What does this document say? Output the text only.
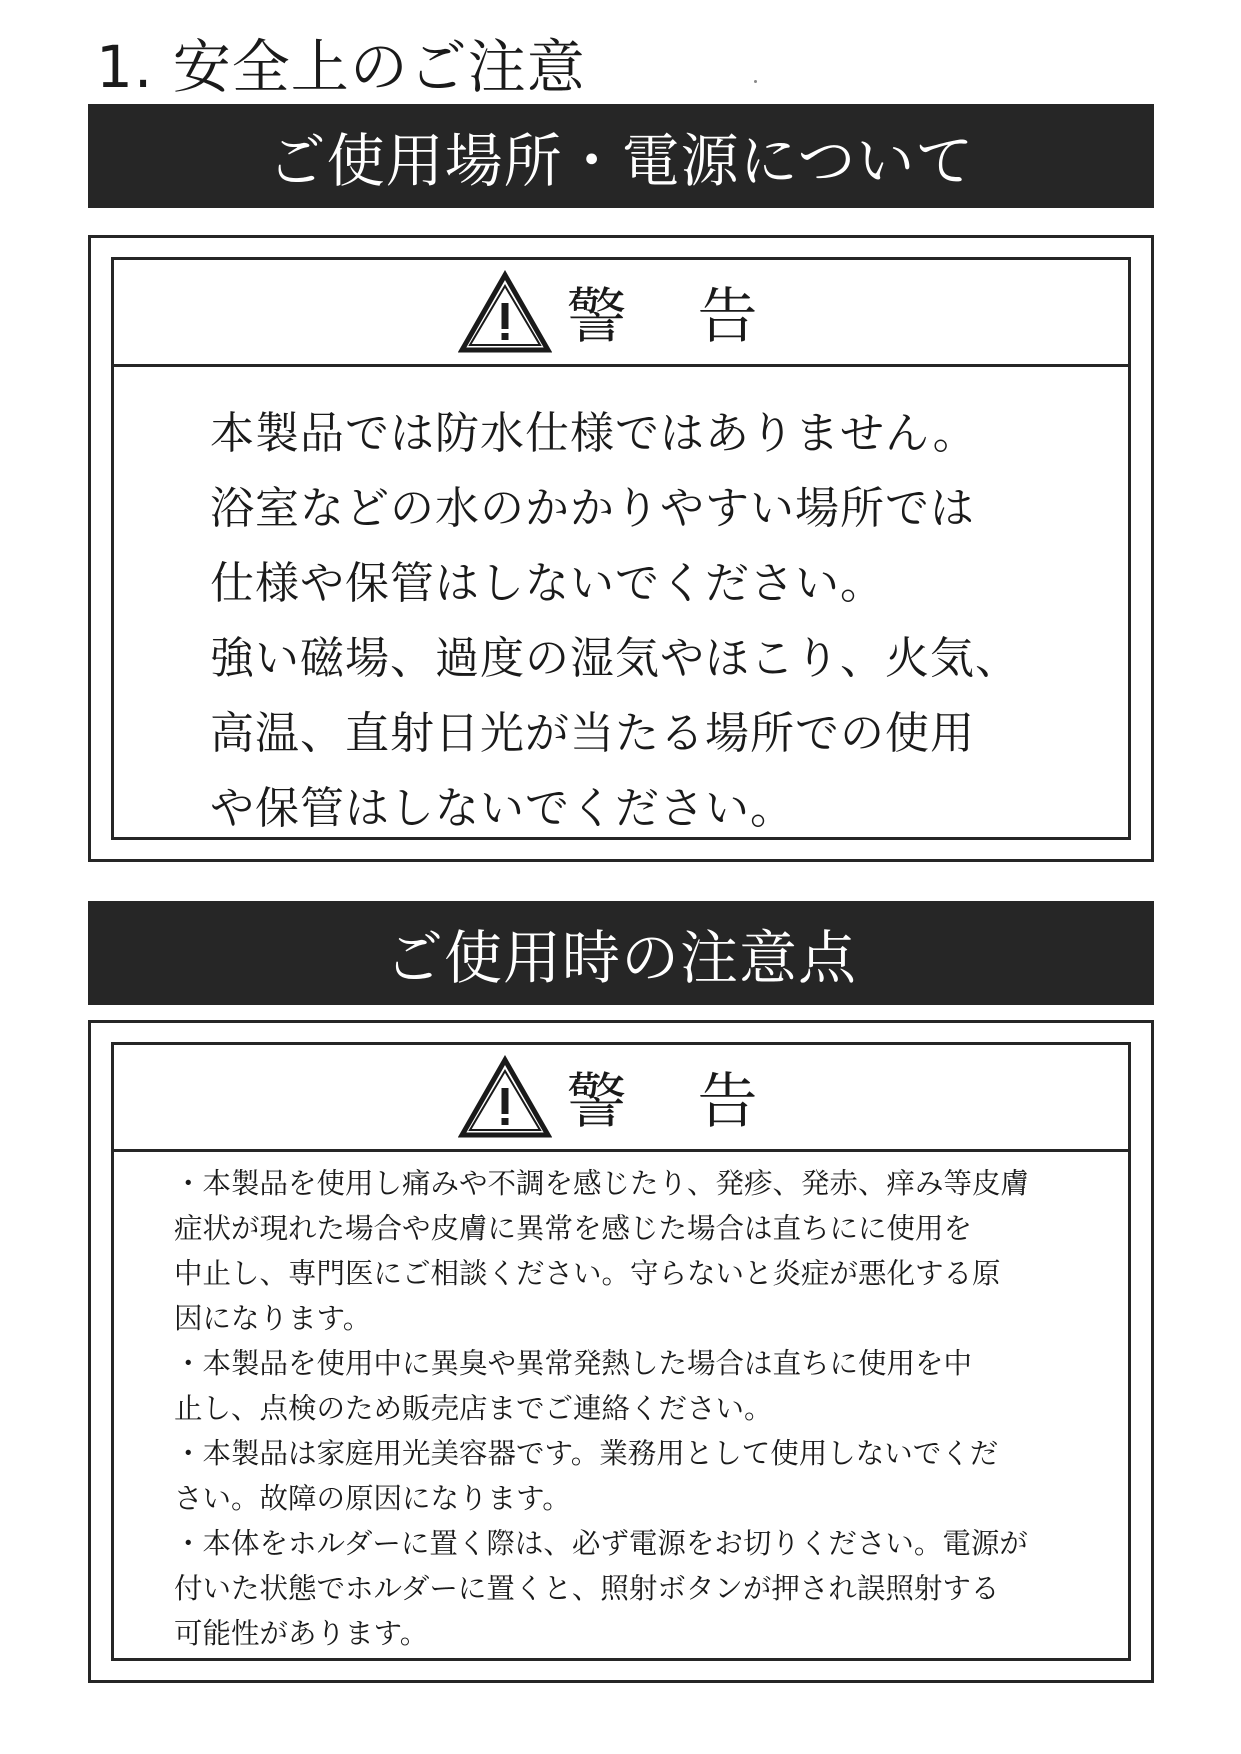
1. 安全上のご注意
ご使用場所・電源について
警 告
本製品では防水仕様ではありません。
浴室などの水のかかりやすい場所では
仕様や保管はしないでください。
強い磁場、過度の湿気やほこり、火気、
高温、直射日光が当たる場所での使用
や保管はしないでください。
ご使用時の注意点
警 告
・本製品を使用し痛みや不調を感じたり、発疹、発赤、痒み等皮膚
症状が現れた場合や皮膚に異常を感じた場合は直ちにに使用を
中止し、専門医にご相談ください。守らないと炎症が悪化する原
因になります。
・本製品を使用中に異臭や異常発熱した場合は直ちに使用を中
止し、点検のため販売店までご連絡ください。
・本製品は家庭用光美容器です。業務用として使用しないでくだ
さい。故障の原因になります。
・本体をホルダーに置く際は、必ず電源をお切りください。電源が
付いた状態でホルダーに置くと、照射ボタンが押され誤照射する
可能性があります。
